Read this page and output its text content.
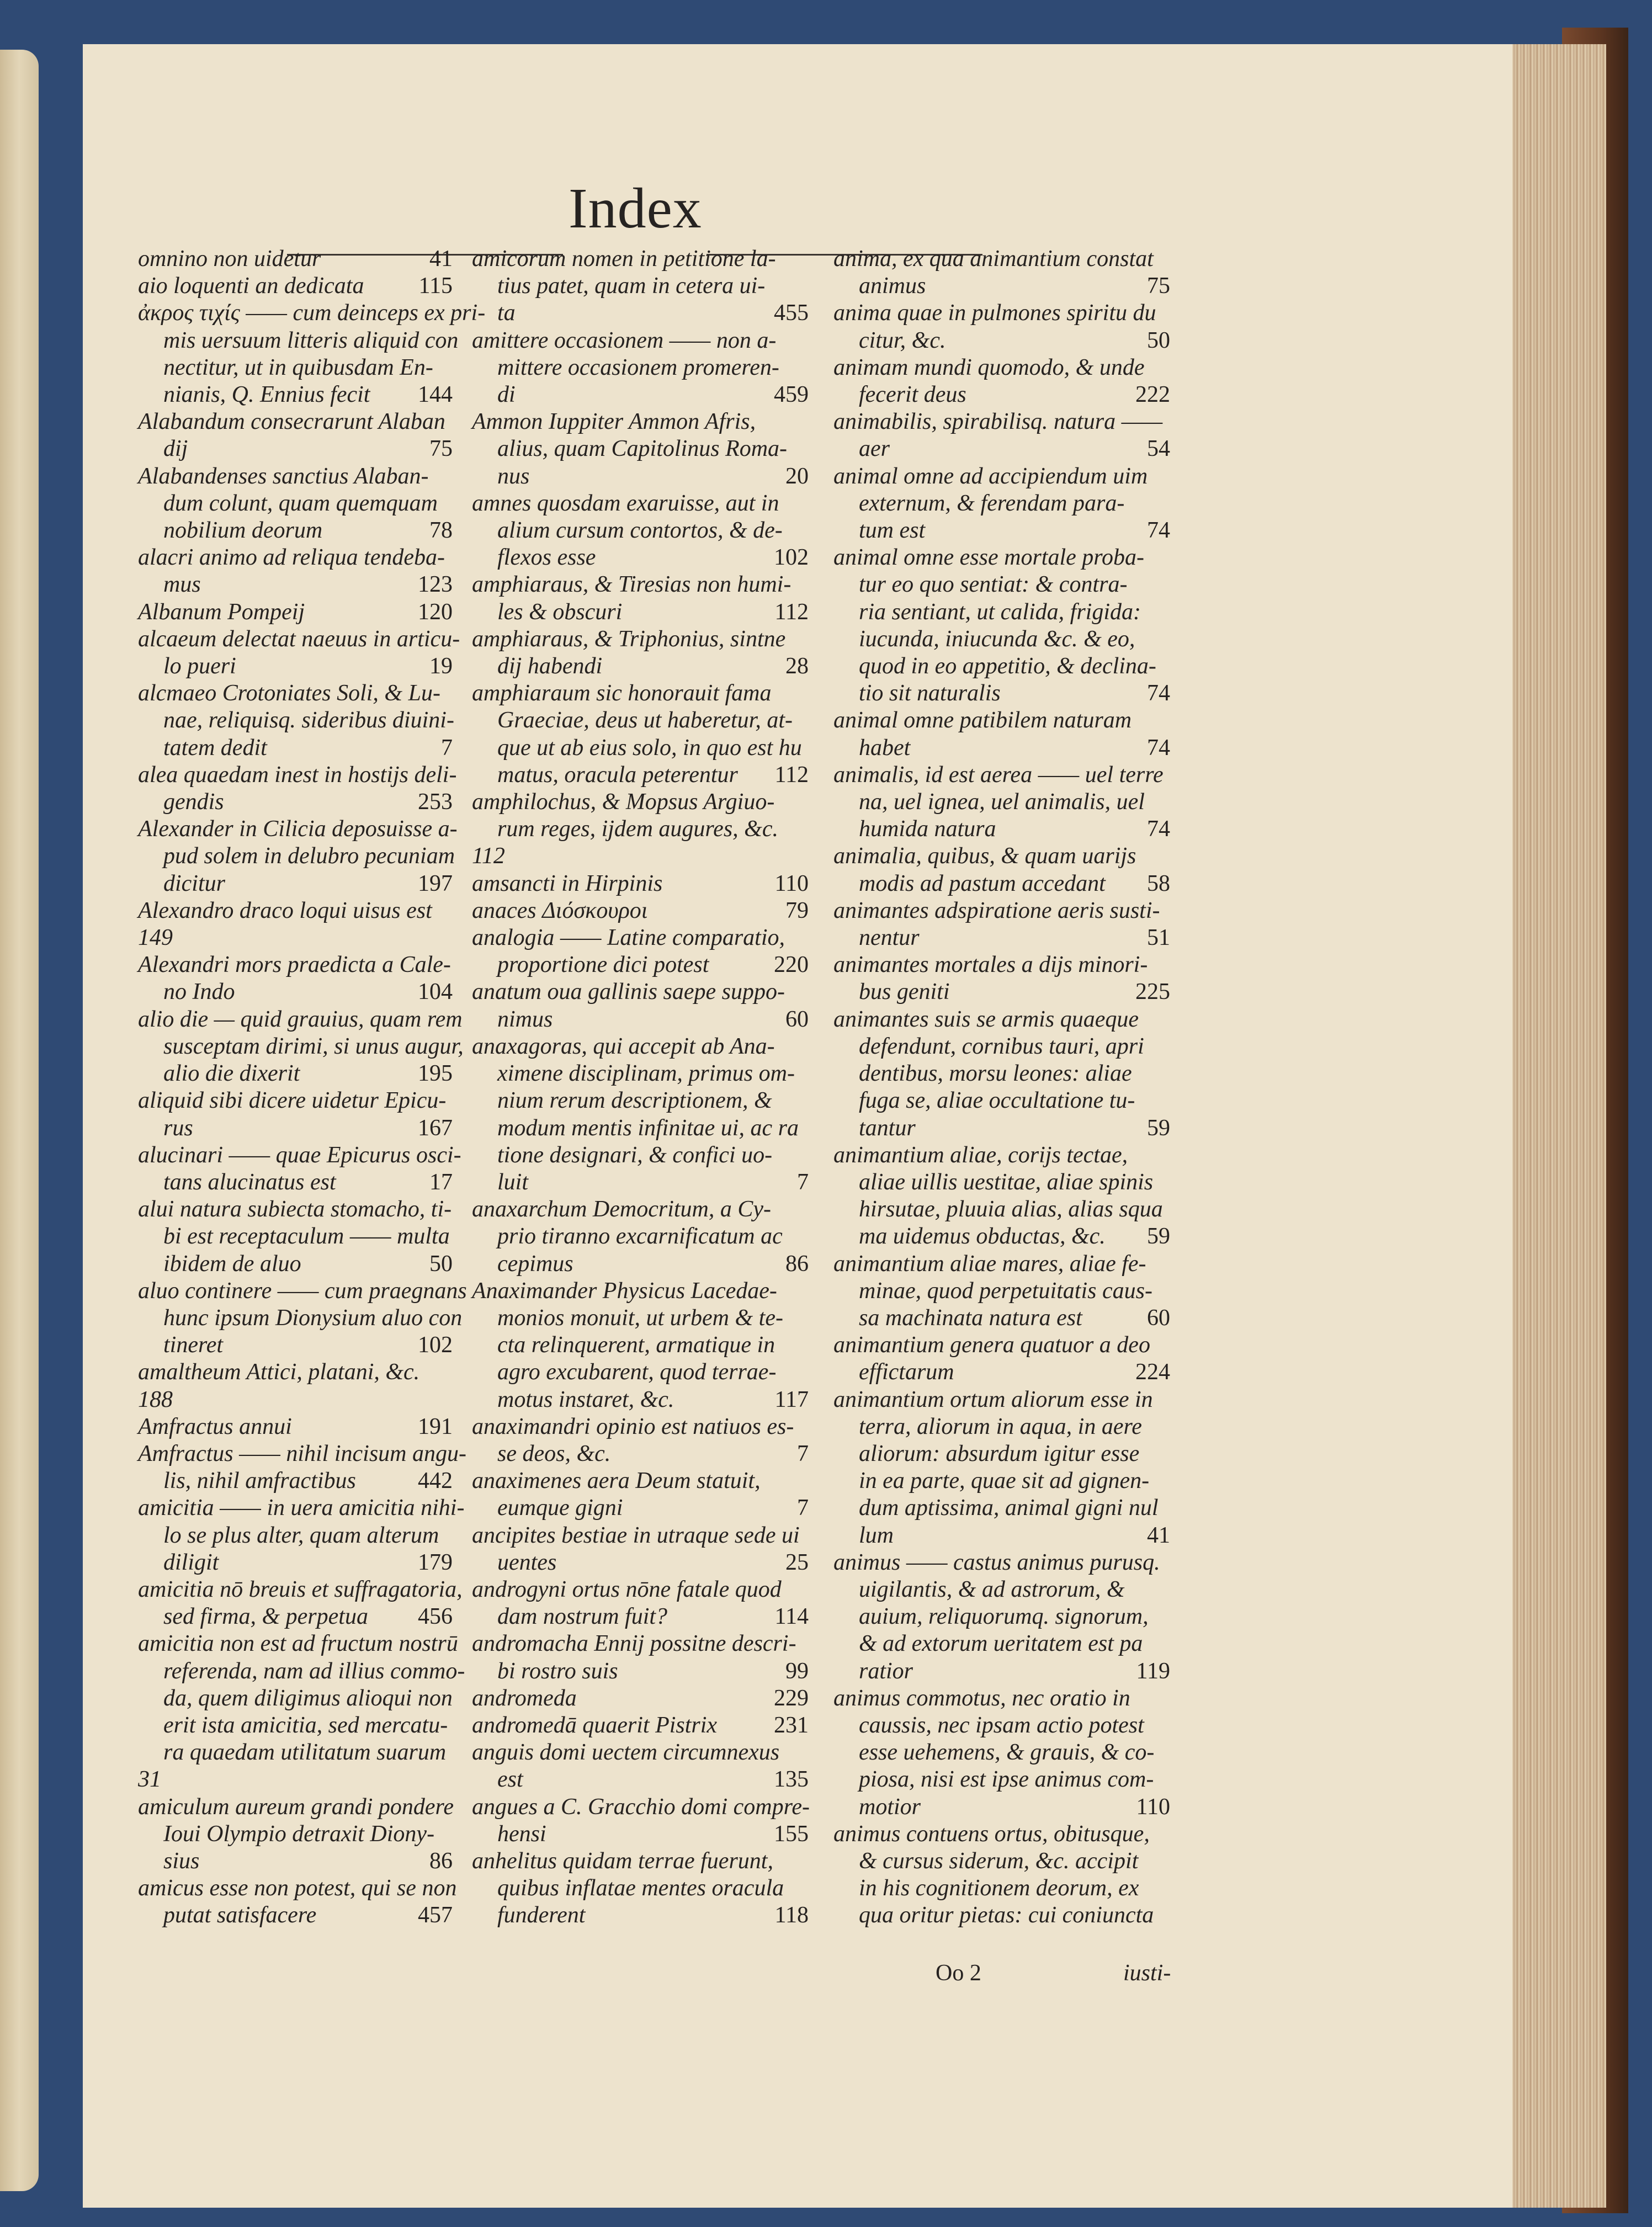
Index
omnino non uidetur	41
aio loquenti an dedicata 115
ἀκρος τιχίς —— cum deinceps ex pri-
mis uersuum litteris aliquid con
nectitur, ut in quibusdam En-
nianis, Q. Ennius fecit 144
Alabandum consecrarunt Alaban
dij	75
Alabandenses sanctius Alaban-
dum colunt, quam quemquam
nobilium deorum	78
alacri animo ad reliqua tendeba-
mus	123
Albanum Pompeij	120
alcaeum delectat naeuus in articu-
lo pueri	19
alcmaeo Crotoniates Soli, & Lu-
nae, reliquisq. sideribus diuini-
tatem dedit	7
alea quaedam inest in hostijs deli-
gendis	253
Alexander in Cilicia deposuisse a-
pud solem in delubro pecuniam
dicitur	197
Alexandro draco loqui uisus est
149
Alexandri mors praedicta a Cale-
no Indo	104
alio die — quid grauius, quam rem
susceptam dirimi, si unus augur,
alio die dixerit	195
aliquid sibi dicere uidetur Epicu-
rus	167
alucinari —— quae Epicurus osci-
tans alucinatus est	17
alui natura subiecta stomacho, ti-
bi est receptaculum —— multa
ibidem de aluo	50
aluo continere —— cum praegnans
hunc ipsum Dionysium aluo con
tineret	102
amaltheum Attici, platani, &c.
188
Amfractus annui	191
Amfractus —— nihil incisum angu-
lis, nihil amfractibus	442
amicitia —— in uera amicitia nihi-
lo se plus alter, quam alterum
diligit	179
amicitia nō breuis et suffragatoria,
sed firma, & perpetua 456
amicitia non est ad fructum nostrū
referenda, nam ad illius commo-
da, quem diligimus alioqui non
erit ista amicitia, sed mercatu-
ra quaedam utilitatum suarum
31
amiculum aureum grandi pondere
Ioui Olympio detraxit Diony-
sius	86
amicus esse non potest, qui se non
putat satisfacere	457
amicorum nomen in petitione la-
tius patet, quam in cetera ui-
ta	455
amittere occasionem —— non a-
mittere occasionem promeren-
di	459
Ammon Iuppiter Ammon Afris,
alius, quam Capitolinus Roma-
nus	20
amnes quosdam exaruisse, aut in
alium cursum contortos, & de-
flexos esse	102
amphiaraus, & Tiresias non humi-
les & obscuri	112
amphiaraus, & Triphonius, sintne
dij habendi	28
amphiaraum sic honorauit fama
Graeciae, deus ut haberetur, at-
que ut ab eius solo, in quo est hu
matus, oracula peterentur 112
amphilochus, & Mopsus Argiuo-
rum reges, ijdem augures, &c.
112
amsancti in Hirpinis	110
anaces Διόσκουροι	79
analogia —— Latine comparatio,
proportione dici potest	220
anatum oua gallinis saepe suppo-
nimus	60
anaxagoras, qui accepit ab Ana-
ximene disciplinam, primus om-
nium rerum descriptionem, &
modum mentis infinitae ui, ac ra
tione designari, & confici uo-
luit	7
anaxarchum Democritum, a Cy-
prio tiranno excarnificatum ac
cepimus	86
Anaximander Physicus Lacedae-
monios monuit, ut urbem & te-
cta relinquerent, armatique in
agro excubarent, quod terrae-
motus instaret, &c.	117
anaximandri opinio est natiuos es-
se deos, &c.	7
anaximenes aera Deum statuit,
eumque gigni	7
ancipites bestiae in utraque sede ui
uentes	25
androgyni ortus nōne fatale quod
dam nostrum fuit?	114
andromacha Ennij possitne descri-
bi rostro suis	99
andromeda	229
andromedā quaerit Pistrix 231
anguis domi uectem circumnexus
est	135
angues a C. Gracchio domi compre-
hensi	155
anhelitus quidam terrae fuerunt,
quibus inflatae mentes oracula
funderent	118
anima, ex qua animantium constat
animus	75
anima quae in pulmones spiritu du
citur, &c.	50
animam mundi quomodo, & unde
fecerit deus	222
animabilis, spirabilisq. natura ——
aer	54
animal omne ad accipiendum uim
externum, & ferendam para-
tum est	74
animal omne esse mortale proba-
tur eo quo sentiat: & contra-
ria sentiant, ut calida, frigida:
iucunda, iniucunda &c. & eo,
quod in eo appetitio, & declina-
tio sit naturalis	74
animal omne patibilem naturam
habet	74
animalis, id est aerea —— uel terre
na, uel ignea, uel animalis, uel
humida natura	74
animalia, quibus, & quam uarijs
modis ad pastum accedant 58
animantes adspiratione aeris susti-
nentur	51
animantes mortales a dijs minori-
bus geniti	225
animantes suis se armis quaeque
defendunt, cornibus tauri, apri
dentibus, morsu leones: aliae
fuga se, aliae occultatione tu-
tantur	59
animantium aliae, corijs tectae,
aliae uillis uestitae, aliae spinis
hirsutae, pluuia alias, alias squa
ma uidemus obductas, &c. 59
animantium aliae mares, aliae fe-
minae, quod perpetuitatis caus-
sa machinata natura est	60
animantium genera quatuor a deo
effictarum	224
animantium ortum aliorum esse in
terra, aliorum in aqua, in aere
aliorum: absurdum igitur esse
in ea parte, quae sit ad gignen-
dum aptissima, animal gigni nul
lum	41
animus —— castus animus purusq.
uigilantis, & ad astrorum, &
auium, reliquorumq. signorum,
& ad extorum ueritatem est pa
ratior	119
animus commotus, nec oratio in
caussis, nec ipsam actio potest
esse uehemens, & grauis, & co-
piosa, nisi est ipse animus com-
motior	110
animus contuens ortus, obitusque,
& cursus siderum, &c. accipit
in his cognitionem deorum, ex
qua oritur pietas: cui coniuncta
Oo 2	iusti-
